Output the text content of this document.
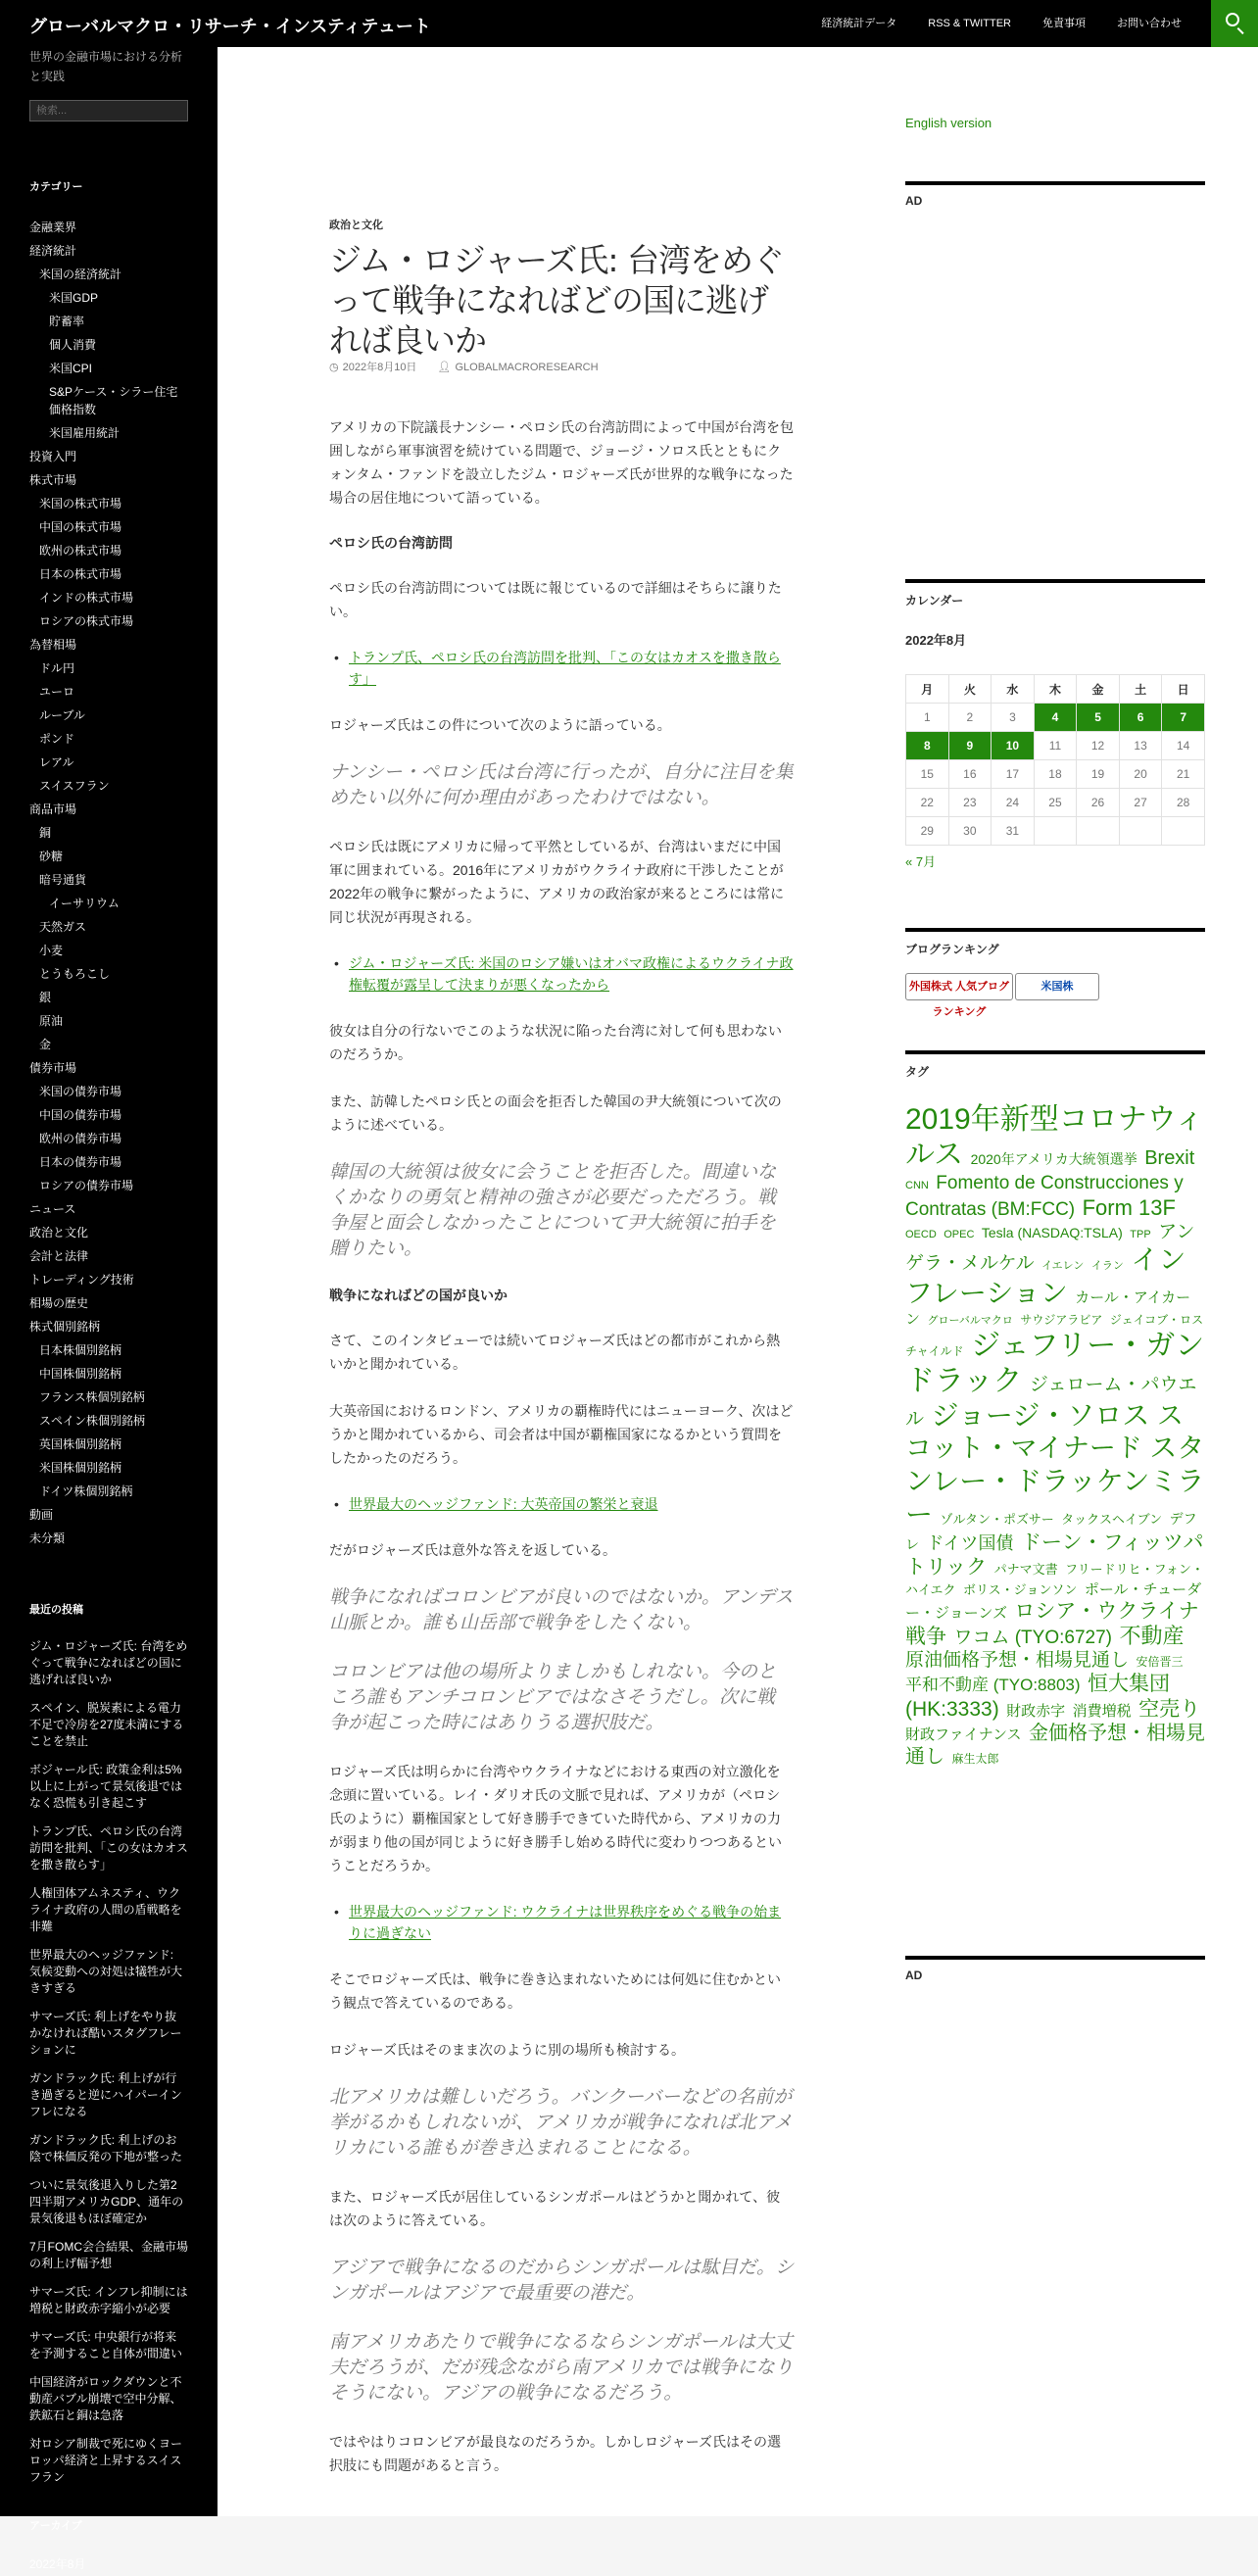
グローバルマクロ・リサーチ・インスティテュート	経済統計データ	RSS & TWITTER	免責事項	お問い合わせ
世界の金融市場における分析と実践
検索...
カテゴリー
金融業界
経済統計
米国の経済統計
米国GDP
貯蓄率
個人消費
米国CPI
S&Pケース・シラー住宅価格指数
米国雇用統計
投資入門
株式市場
米国の株式市場
中国の株式市場
欧州の株式市場
日本の株式市場
インドの株式市場
ロシアの株式市場
為替相場
ドル円
ユーロ
ルーブル
ポンド
レアル
スイスフラン
商品市場
銅
砂糖
暗号通貨
イーサリウム
天然ガス
小麦
とうもろこし
銀
原油
金
債券市場
米国の債券市場
中国の債券市場
欧州の債券市場
日本の債券市場
ロシアの債券市場
ニュース
政治と文化
会計と法律
トレーディング技術
相場の歴史
株式個別銘柄
日本株個別銘柄
中国株個別銘柄
フランス株個別銘柄
スペイン株個別銘柄
英国株個別銘柄
米国株個別銘柄
ドイツ株個別銘柄
動画
未分類
最近の投稿
ジム・ロジャーズ氏: 台湾をめぐって戦争になればどの国に逃げれば良いか
スペイン、脱炭素による電力不足で冷房を27度未満にすることを禁止
ボジャール氏: 政策金利は5%以上に上がって景気後退ではなく恐慌も引き起こす
トランプ氏、ペロシ氏の台湾訪問を批判、「この女はカオスを撒き散らす」
人権団体アムネスティ、ウクライナ政府の人間の盾戦略を非難
世界最大のヘッジファンド: 気候変動への対処は犠牲が大きすぎる
サマーズ氏: 利上げをやり抜かなければ酷いスタグフレーションに
ガンドラック氏: 利上げが行き過ぎると逆にハイパーインフレになる
ガンドラック氏: 利上げのお陰で株価反発の下地が整った
ついに景気後退入りした第2四半期アメリカGDP、通年の景気後退もほぼ確定か
7月FOMC会合結果、金融市場の利上げ幅予想
サマーズ氏: インフレ抑制には増税と財政赤字縮小が必要
サマーズ氏: 中央銀行が将来を予測すること自体が間違い
中国経済がロックダウンと不動産バブル崩壊で空中分解、鉄鉱石と銅は急落
対ロシア制裁で死にゆくヨーロッパ経済と上昇するスイスフラン
アーカイブ
2022年8月
政治と文化
ジム・ロジャーズ氏: 台湾をめぐって戦争になればどの国に逃げれば良いか
◷ 2022年8月10日 👤︎ GLOBALMACRORESEARCH
アメリカの下院議長ナンシー・ペロシ氏の台湾訪問によって中国が台湾を包囲しながら軍事演習を続けている問題で、ジョージ・ソロス氏とともにクォンタム・ファンドを設立したジム・ロジャーズ氏が世界的な戦争になった場合の居住地について語っている。
ペロシ氏の台湾訪問
ペロシ氏の台湾訪問については既に報じているので詳細はそちらに譲りたい。
• トランプ氏、ペロシ氏の台湾訪問を批判、「この女はカオスを撒き散らす」
ロジャーズ氏はこの件について次のように語っている。
ナンシー・ペロシ氏は台湾に行ったが、自分に注目を集めたい以外に何か理由があったわけではない。
ペロシ氏は既にアメリカに帰って平然としているが、台湾はいまだに中国軍に囲まれている。2016年にアメリカがウクライナ政府に干渉したことが2022年の戦争に繋がったように、アメリカの政治家が来るところには常に同じ状況が再現される。
• ジム・ロジャーズ氏: 米国のロシア嫌いはオバマ政権によるウクライナ政権転覆が露呈して決まりが悪くなったから
彼女は自分の行ないでこのような状況に陥った台湾に対して何も思わないのだろうか。
また、訪韓したペロシ氏との面会を拒否した韓国の尹大統領について次のように述べている。
韓国の大統領は彼女に会うことを拒否した。間違いなくかなりの勇気と精神の強さが必要だっただろう。戦争屋と面会しなかったことについて尹大統領に拍手を贈りたい。
戦争になればどの国が良いか
さて、このインタビューでは続いてロジャーズ氏はどの都市がこれから熱いかと聞かれている。
大英帝国におけるロンドン、アメリカの覇権時代にはニューヨーク、次はどうかと聞かれているから、司会者は中国が覇権国家になるかという質問をしたかったのだろう。
• 世界最大のヘッジファンド: 大英帝国の繁栄と衰退
だがロジャーズ氏は意外な答えを返している。
戦争になればコロンビアが良いのではないか。アンデス山脈とか。誰も山岳部で戦争をしたくない。
コロンビアは他の場所よりましかもしれない。今のところ誰もアンチコロンビアではなさそうだし。次に戦争が起こった時にはありうる選択肢だ。
ロジャーズ氏は明らかに台湾やウクライナなどにおける東西の対立激化を念頭に置いている。レイ・ダリオ氏の文脈で見れば、アメリカが（ペロシ氏のように）覇権国家として好き勝手できていた時代から、アメリカの力が弱まり他の国が同じように好き勝手し始める時代に変わりつつあるということだろうか。
• 世界最大のヘッジファンド: ウクライナは世界秩序をめぐる戦争の始まりに過ぎない
そこでロジャーズ氏は、戦争に巻き込まれないためには何処に住むかという観点で答えているのである。
ロジャーズ氏はそのまま次のように別の場所も検討する。
北アメリカは難しいだろう。バンクーバーなどの名前が挙がるかもしれないが、アメリカが戦争になれば北アメリカにいる誰もが巻き込まれることになる。
また、ロジャーズ氏が居住しているシンガポールはどうかと聞かれて、彼は次のように答えている。
アジアで戦争になるのだからシンガポールは駄目だ。シンガポールはアジアで最重要の港だ。
南アメリカあたりで戦争になるならシンガポールは大丈夫だろうが、だが残念ながら南アメリカでは戦争になりそうにない。アジアの戦争になるだろう。
ではやはりコロンビアが最良なのだろうか。しかしロジャーズ氏はその選択肢にも問題があると言う。
English version
AD
カレンダー
2022年8月
月	火	水	木	金	土	日
1	2	3	4	5	6	7
8	9	10	11	12	13	14
15	16	17	18	19	20	21
22	23	24	25	26	27	28
29	30	31				
« 7月
ブログランキング
外国株式 人気ブログランキング
米国株
タグ
2019年新型コロナウィルス 2020年アメリカ大統領選挙 Brexit CNN Fomento de Construcciones y Contratas (BM:FCC) Form 13F OECD OPEC Tesla (NASDAQ:TSLA) TPP アンゲラ・メルケル イエレン イラン インフレーション カール・アイカーン グローバルマクロ サウジアラビア ジェイコブ・ロスチャイルド ジェフリー・ガンドラック ジェローム・パウエル ジョージ・ソロス スコット・マイナード スタンレー・ドラッケンミラー ゾルタン・ポズサー タックスヘイブン デフレ ドイツ国債 ドーン・フィッツパトリック パナマ文書 フリードリヒ・フォン・ハイエク ボリス・ジョンソン ポール・チューダー・ジョーンズ ロシア・ウクライナ戦争 ワコム (TYO:6727) 不動産 原油価格予想・相場見通し 安倍晋三 平和不動産 (TYO:8803) 恒大集団 (HK:3333) 財政赤字 消費増税 空売り 財政ファイナンス 金価格予想・相場見通し 麻生太郎
AD
